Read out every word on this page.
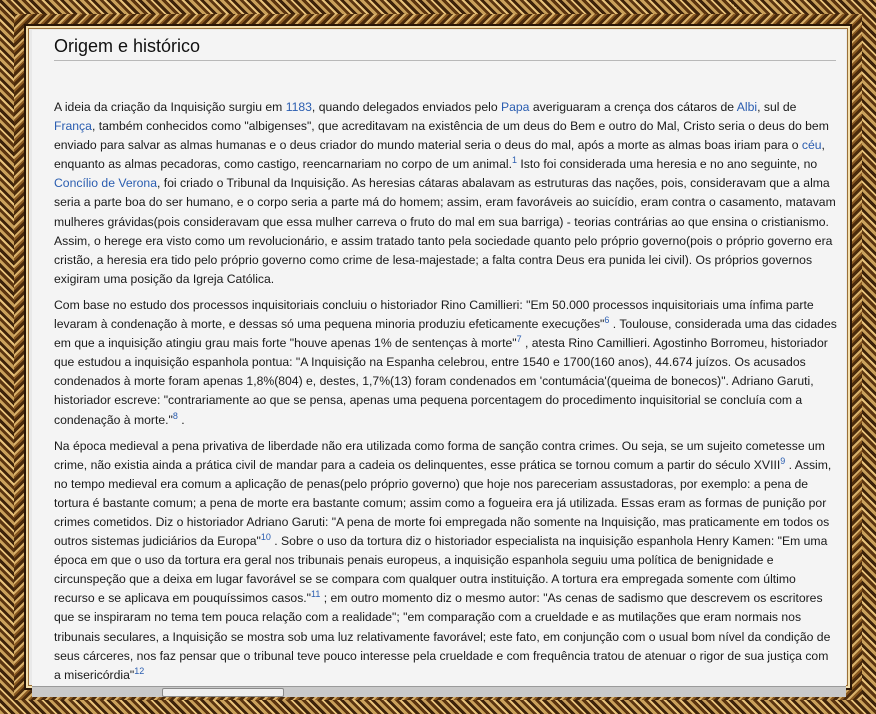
Origem e histórico

A ideia da criação da Inquisição surgiu em 1183, quando delegados enviados pelo Papa averiguaram a crença dos cátaros de Albi, sul de França, também conhecidos como "albigenses", que acreditavam na existência de um deus do Bem e outro do Mal, Cristo seria o deus do bem enviado para salvar as almas humanas e o deus criador do mundo material seria o deus do mal, após a morte as almas boas iriam para o céu, enquanto as almas pecadoras, como castigo, reencarnariam no corpo de um animal.$^1$ Isto foi considerada uma heresia e no ano seguinte, no Concílio de Verona, foi criado o Tribunal da Inquisição. As heresias cátaras abalavam as estruturas das nações, pois, consideravam que a alma seria a parte boa do ser humano, e o corpo seria a parte má do homem; assim, eram favoráveis ao suicídio, eram contra o casamento, matavam mulheres grávidas(pois consideravam que essa mulher carreva o fruto do mal em sua barriga) - teorias contrárias ao que ensina o cristianismo. Assim, o herege era visto como um revolucionário, e assim tratado tanto pela sociedade quanto pelo próprio governo(pois o próprio governo era cristão, a heresia era tido pelo próprio governo como crime de lesa-majestade; a falta contra Deus era punida lei civil). Os próprios governos exigiram uma posição da Igreja Católica.

Com base no estudo dos processos inquisitoriais concluiu o historiador Rino Camillieri: "Em 50.000 processos inquisitoriais uma ínfima parte levaram à condenação à morte, e dessas só uma pequena minoria produziu efeticamente execuções"$^6$ . Toulouse, considerada uma das cidades em que a inquisição atingiu grau mais forte "houve apenas 1% de sentenças à morte"$^7$ , atesta Rino Camillieri. Agostinho Borromeu, historiador que estudou a inquisição espanhola pontua: "A Inquisição na Espanha celebrou, entre 1540 e 1700(160 anos), 44.674 juízos. Os acusados condenados à morte foram apenas 1,8%(804) e, destes, 1,7%(13) foram condenados em 'contumácia'(queima de bonecos)". Adriano Garuti, historiador escreve: "contrariamente ao que se pensa, apenas uma pequena porcentagem do procedimento inquisitorial se concluía com a condenação à morte."$^8$ .

Na época medieval a pena privativa de liberdade não era utilizada como forma de sanção contra crimes. Ou seja, se um sujeito cometesse um crime, não existia ainda a prática civil de mandar para a cadeia os delinquentes, esse prática se tornou comum a partir do século XVIII$^9$ . Assim, no tempo medieval era comum a aplicação de penas(pelo próprio governo) que hoje nos pareceriam assustadoras, por exemplo: a pena de tortura é bastante comum; a pena de morte era bastante comum; assim como a fogueira era já utilizada. Essas eram as formas de punição por crimes cometidos. Diz o historiador Adriano Garuti: "A pena de morte foi empregada não somente na Inquisição, mas praticamente em todos os outros sistemas judiciários da Europa"$^{10}$ . Sobre o uso da tortura diz o historiador especialista na inquisição espanhola Henry Kamen: "Em uma época em que o uso da tortura era geral nos tribunais penais europeus, a inquisição espanhola seguiu uma política de benignidade e circunspeção que a deixa em lugar favorável se se compara com qualquer outra instituição. A tortura era empregada somente com último recurso e se aplicava em pouquíssimos casos."$^{11}$ ; em outro momento diz o mesmo autor: "As cenas de sadismo que descrevem os escritores que se inspiraram no tema tem pouca relação com a realidade"; "em comparação com a crueldade e as mutilações que eram normais nos tribunais seculares, a Inquisição se mostra sob uma luz relativamente favorável; este fato, em conjunção com o usual bom nível da condição de seus cárceres, nos faz pensar que o tribunal teve pouco interesse pela crueldade e com frequência tratou de atenuar o rigor de sua justiça com a misericórdia"$^{12}$
